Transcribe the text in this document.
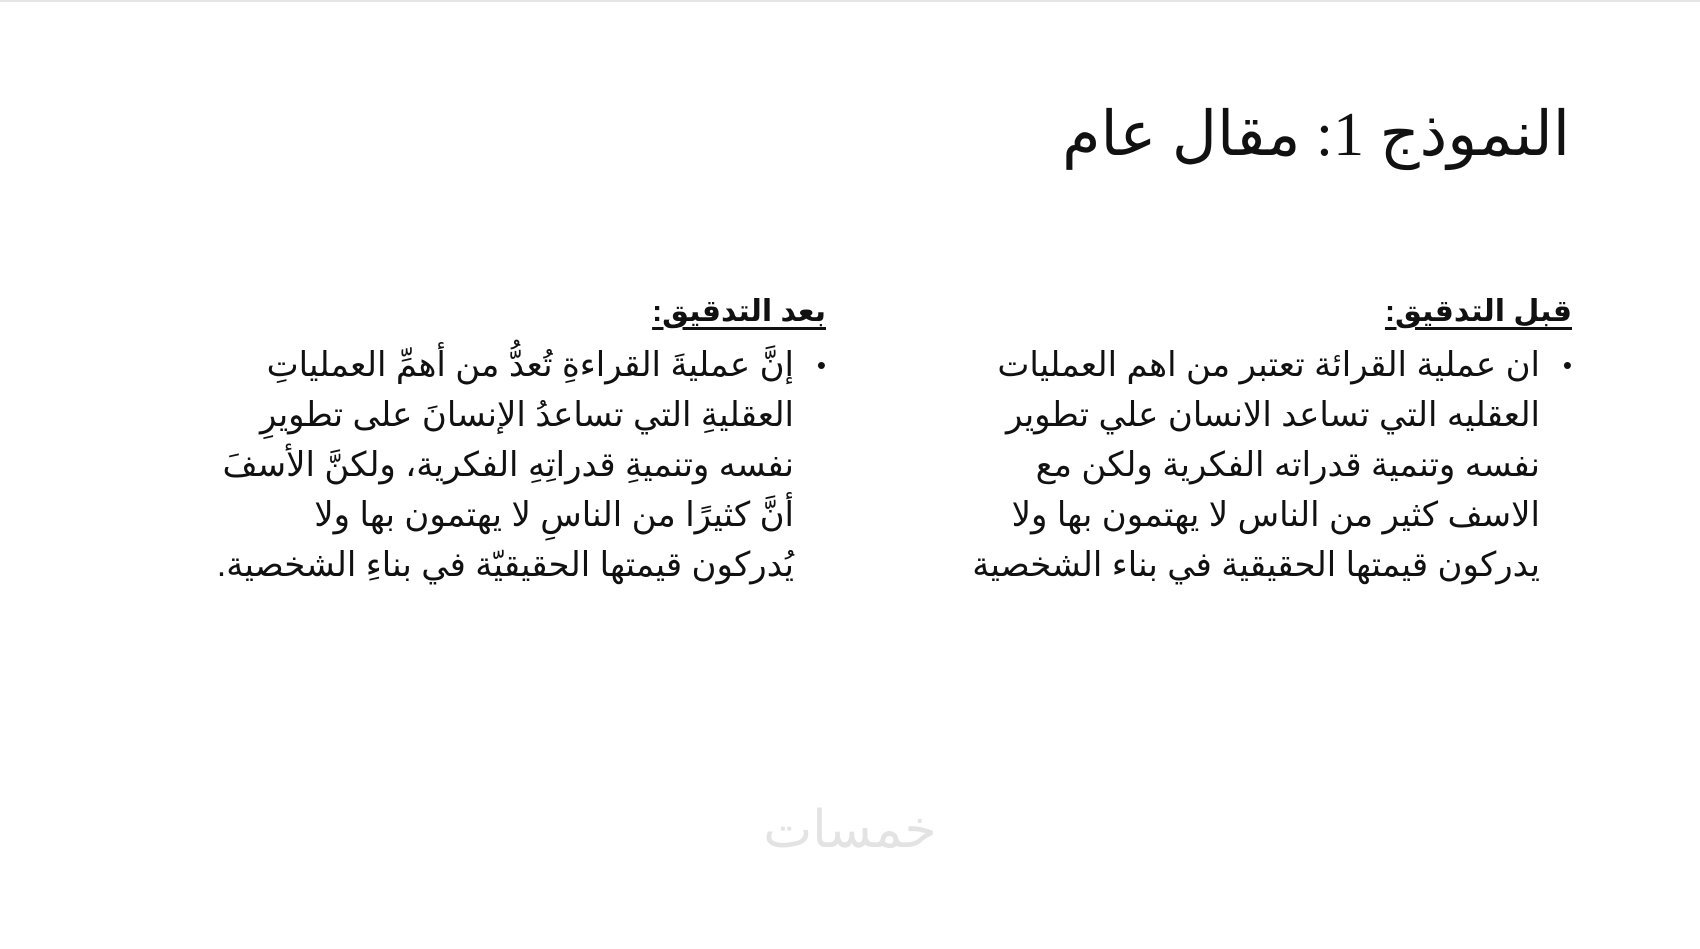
النموذج 1: مقال عام
قبل التدقيق:
•
ان عملية القرائة تعتبر من اهم العمليات
العقليه التي تساعد الانسان علي تطوير
نفسه وتنمية قدراته الفكرية ولكن مع
الاسف كثير من الناس لا يهتمون بها ولا
يدركون قيمتها الحقيقية في بناء الشخصية
بعد التدقيق:
•
إنَّ عمليةَ القراءةِ تُعدُّ من أهمِّ العملياتِ
العقليةِ التي تساعدُ الإنسانَ على تطويرِ
نفسه وتنميةِ قدراتِهِ الفكرية، ولكنَّ الأسفَ
أنَّ كثيرًا من الناسِ لا يهتمون بها ولا
يُدركون قيمتها الحقيقيّة في بناءِ الشخصية.
خمسات
